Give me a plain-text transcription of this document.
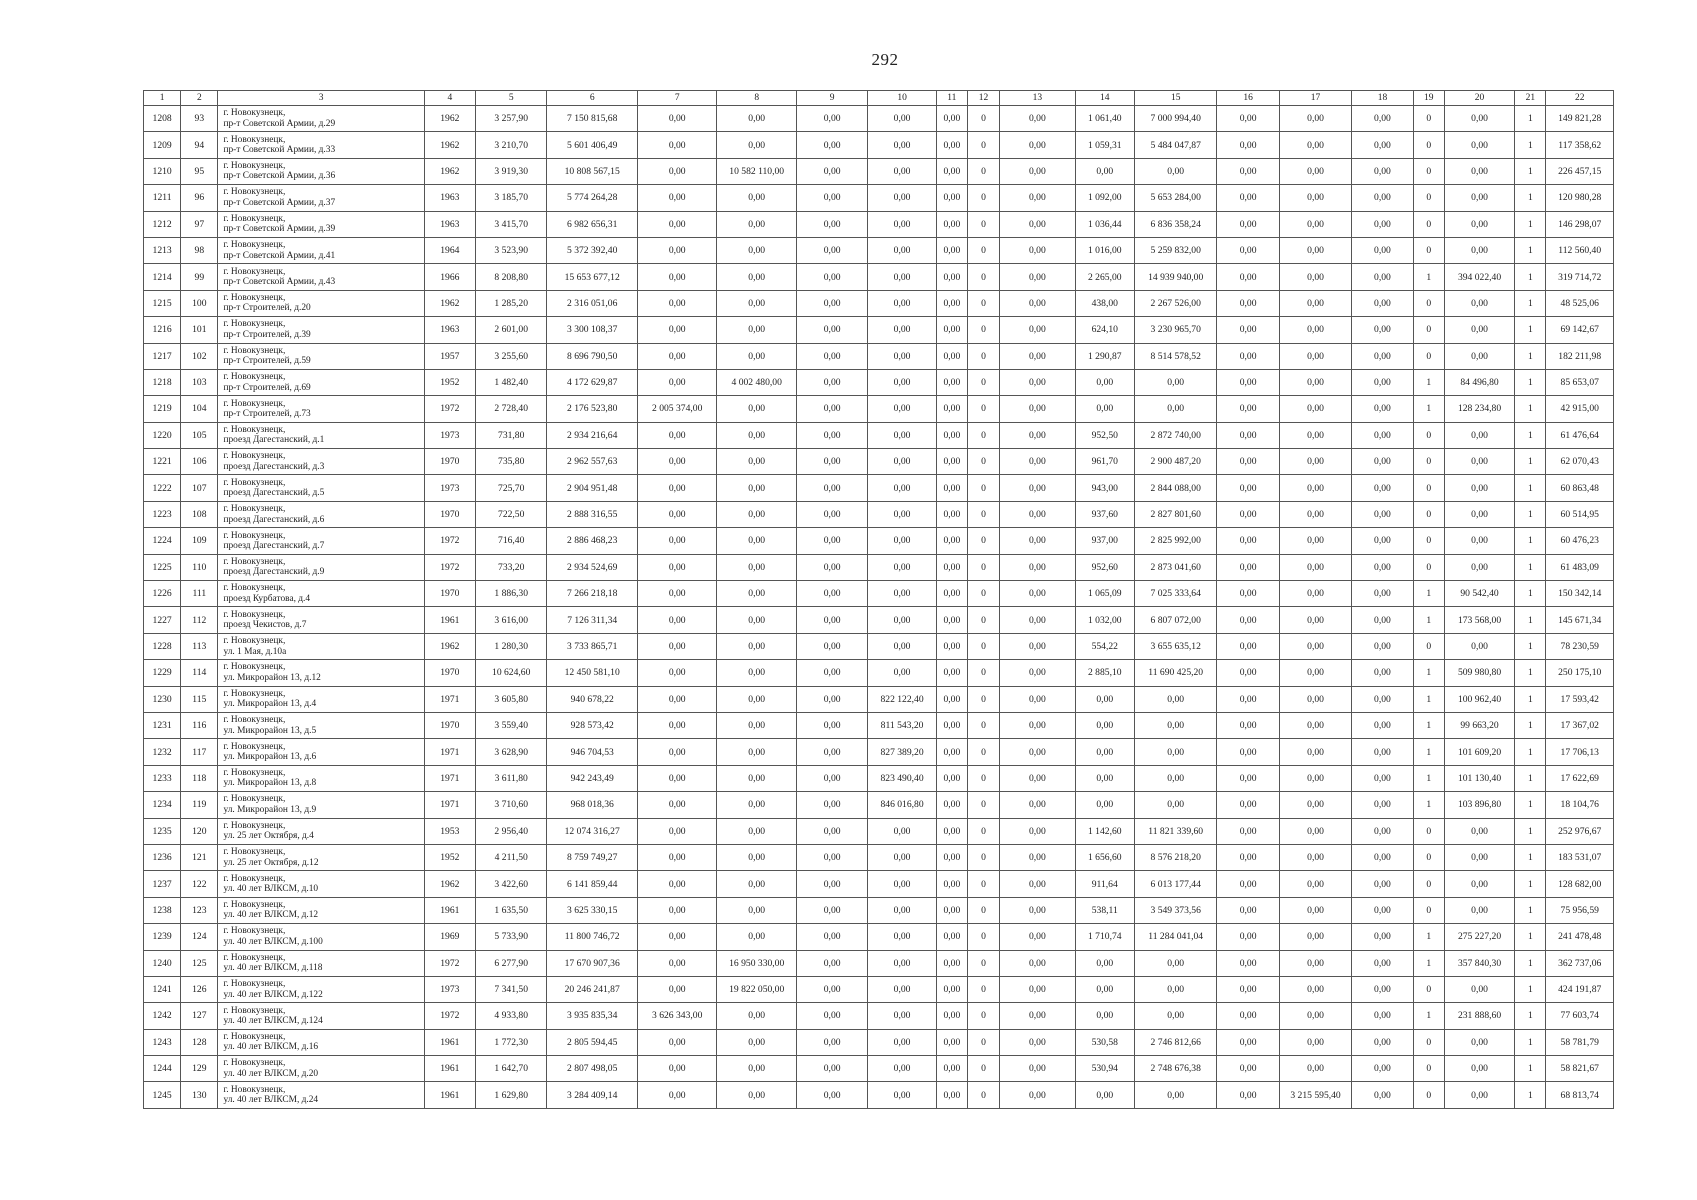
292
1	2	3	4	5	6	7	8	9	10	11	12	13	14	15	16	17	18	19	20	21	22
1208	93	г. Новокузнецк,
пр-т Советской Армии, д.29	1962	3 257,90	7 150 815,68	0,00	0,00	0,00	0,00	0,00	0	0,00	1 061,40	7 000 994,40	0,00	0,00	0,00	0	0,00	1	149 821,28
1209	94	г. Новокузнецк,
пр-т Советской Армии, д.33	1962	3 210,70	5 601 406,49	0,00	0,00	0,00	0,00	0,00	0	0,00	1 059,31	5 484 047,87	0,00	0,00	0,00	0	0,00	1	117 358,62
1210	95	г. Новокузнецк,
пр-т Советской Армии, д.36	1962	3 919,30	10 808 567,15	0,00	10 582 110,00	0,00	0,00	0,00	0	0,00	0,00	0,00	0,00	0,00	0,00	0	0,00	1	226 457,15
1211	96	г. Новокузнецк,
пр-т Советской Армии, д.37	1963	3 185,70	5 774 264,28	0,00	0,00	0,00	0,00	0,00	0	0,00	1 092,00	5 653 284,00	0,00	0,00	0,00	0	0,00	1	120 980,28
1212	97	г. Новокузнецк,
пр-т Советской Армии, д.39	1963	3 415,70	6 982 656,31	0,00	0,00	0,00	0,00	0,00	0	0,00	1 036,44	6 836 358,24	0,00	0,00	0,00	0	0,00	1	146 298,07
1213	98	г. Новокузнецк,
пр-т Советской Армии, д.41	1964	3 523,90	5 372 392,40	0,00	0,00	0,00	0,00	0,00	0	0,00	1 016,00	5 259 832,00	0,00	0,00	0,00	0	0,00	1	112 560,40
1214	99	г. Новокузнецк,
пр-т Советской Армии, д.43	1966	8 208,80	15 653 677,12	0,00	0,00	0,00	0,00	0,00	0	0,00	2 265,00	14 939 940,00	0,00	0,00	0,00	1	394 022,40	1	319 714,72
1215	100	г. Новокузнецк,
пр-т Строителей, д.20	1962	1 285,20	2 316 051,06	0,00	0,00	0,00	0,00	0,00	0	0,00	438,00	2 267 526,00	0,00	0,00	0,00	0	0,00	1	48 525,06
1216	101	г. Новокузнецк,
пр-т Строителей, д.39	1963	2 601,00	3 300 108,37	0,00	0,00	0,00	0,00	0,00	0	0,00	624,10	3 230 965,70	0,00	0,00	0,00	0	0,00	1	69 142,67
1217	102	г. Новокузнецк,
пр-т Строителей, д.59	1957	3 255,60	8 696 790,50	0,00	0,00	0,00	0,00	0,00	0	0,00	1 290,87	8 514 578,52	0,00	0,00	0,00	0	0,00	1	182 211,98
1218	103	г. Новокузнецк,
пр-т Строителей, д.69	1952	1 482,40	4 172 629,87	0,00	4 002 480,00	0,00	0,00	0,00	0	0,00	0,00	0,00	0,00	0,00	0,00	1	84 496,80	1	85 653,07
1219	104	г. Новокузнецк,
пр-т Строителей, д.73	1972	2 728,40	2 176 523,80	2 005 374,00	0,00	0,00	0,00	0,00	0	0,00	0,00	0,00	0,00	0,00	0,00	1	128 234,80	1	42 915,00
1220	105	г. Новокузнецк,
проезд Дагестанский, д.1	1973	731,80	2 934 216,64	0,00	0,00	0,00	0,00	0,00	0	0,00	952,50	2 872 740,00	0,00	0,00	0,00	0	0,00	1	61 476,64
1221	106	г. Новокузнецк,
проезд Дагестанский, д.3	1970	735,80	2 962 557,63	0,00	0,00	0,00	0,00	0,00	0	0,00	961,70	2 900 487,20	0,00	0,00	0,00	0	0,00	1	62 070,43
1222	107	г. Новокузнецк,
проезд Дагестанский, д.5	1973	725,70	2 904 951,48	0,00	0,00	0,00	0,00	0,00	0	0,00	943,00	2 844 088,00	0,00	0,00	0,00	0	0,00	1	60 863,48
1223	108	г. Новокузнецк,
проезд Дагестанский, д.6	1970	722,50	2 888 316,55	0,00	0,00	0,00	0,00	0,00	0	0,00	937,60	2 827 801,60	0,00	0,00	0,00	0	0,00	1	60 514,95
1224	109	г. Новокузнецк,
проезд Дагестанский, д.7	1972	716,40	2 886 468,23	0,00	0,00	0,00	0,00	0,00	0	0,00	937,00	2 825 992,00	0,00	0,00	0,00	0	0,00	1	60 476,23
1225	110	г. Новокузнецк,
проезд Дагестанский, д.9	1972	733,20	2 934 524,69	0,00	0,00	0,00	0,00	0,00	0	0,00	952,60	2 873 041,60	0,00	0,00	0,00	0	0,00	1	61 483,09
1226	111	г. Новокузнецк,
проезд Курбатова, д.4	1970	1 886,30	7 266 218,18	0,00	0,00	0,00	0,00	0,00	0	0,00	1 065,09	7 025 333,64	0,00	0,00	0,00	1	90 542,40	1	150 342,14
1227	112	г. Новокузнецк,
проезд Чекистов, д.7	1961	3 616,00	7 126 311,34	0,00	0,00	0,00	0,00	0,00	0	0,00	1 032,00	6 807 072,00	0,00	0,00	0,00	1	173 568,00	1	145 671,34
1228	113	г. Новокузнецк,
ул. 1 Мая, д.10а	1962	1 280,30	3 733 865,71	0,00	0,00	0,00	0,00	0,00	0	0,00	554,22	3 655 635,12	0,00	0,00	0,00	0	0,00	1	78 230,59
1229	114	г. Новокузнецк,
ул. Микрорайон 13, д.12	1970	10 624,60	12 450 581,10	0,00	0,00	0,00	0,00	0,00	0	0,00	2 885,10	11 690 425,20	0,00	0,00	0,00	1	509 980,80	1	250 175,10
1230	115	г. Новокузнецк,
ул. Микрорайон 13, д.4	1971	3 605,80	940 678,22	0,00	0,00	0,00	822 122,40	0,00	0	0,00	0,00	0,00	0,00	0,00	0,00	1	100 962,40	1	17 593,42
1231	116	г. Новокузнецк,
ул. Микрорайон 13, д.5	1970	3 559,40	928 573,42	0,00	0,00	0,00	811 543,20	0,00	0	0,00	0,00	0,00	0,00	0,00	0,00	1	99 663,20	1	17 367,02
1232	117	г. Новокузнецк,
ул. Микрорайон 13, д.6	1971	3 628,90	946 704,53	0,00	0,00	0,00	827 389,20	0,00	0	0,00	0,00	0,00	0,00	0,00	0,00	1	101 609,20	1	17 706,13
1233	118	г. Новокузнецк,
ул. Микрорайон 13, д.8	1971	3 611,80	942 243,49	0,00	0,00	0,00	823 490,40	0,00	0	0,00	0,00	0,00	0,00	0,00	0,00	1	101 130,40	1	17 622,69
1234	119	г. Новокузнецк,
ул. Микрорайон 13, д.9	1971	3 710,60	968 018,36	0,00	0,00	0,00	846 016,80	0,00	0	0,00	0,00	0,00	0,00	0,00	0,00	1	103 896,80	1	18 104,76
1235	120	г. Новокузнецк,
ул. 25 лет Октября, д.4	1953	2 956,40	12 074 316,27	0,00	0,00	0,00	0,00	0,00	0	0,00	1 142,60	11 821 339,60	0,00	0,00	0,00	0	0,00	1	252 976,67
1236	121	г. Новокузнецк,
ул. 25 лет Октября, д.12	1952	4 211,50	8 759 749,27	0,00	0,00	0,00	0,00	0,00	0	0,00	1 656,60	8 576 218,20	0,00	0,00	0,00	0	0,00	1	183 531,07
1237	122	г. Новокузнецк,
ул. 40 лет ВЛКСМ, д.10	1962	3 422,60	6 141 859,44	0,00	0,00	0,00	0,00	0,00	0	0,00	911,64	6 013 177,44	0,00	0,00	0,00	0	0,00	1	128 682,00
1238	123	г. Новокузнецк,
ул. 40 лет ВЛКСМ, д.12	1961	1 635,50	3 625 330,15	0,00	0,00	0,00	0,00	0,00	0	0,00	538,11	3 549 373,56	0,00	0,00	0,00	0	0,00	1	75 956,59
1239	124	г. Новокузнецк,
ул. 40 лет ВЛКСМ, д.100	1969	5 733,90	11 800 746,72	0,00	0,00	0,00	0,00	0,00	0	0,00	1 710,74	11 284 041,04	0,00	0,00	0,00	1	275 227,20	1	241 478,48
1240	125	г. Новокузнецк,
ул. 40 лет ВЛКСМ, д.118	1972	6 277,90	17 670 907,36	0,00	16 950 330,00	0,00	0,00	0,00	0	0,00	0,00	0,00	0,00	0,00	0,00	1	357 840,30	1	362 737,06
1241	126	г. Новокузнецк,
ул. 40 лет ВЛКСМ, д.122	1973	7 341,50	20 246 241,87	0,00	19 822 050,00	0,00	0,00	0,00	0	0,00	0,00	0,00	0,00	0,00	0,00	0	0,00	1	424 191,87
1242	127	г. Новокузнецк,
ул. 40 лет ВЛКСМ, д.124	1972	4 933,80	3 935 835,34	3 626 343,00	0,00	0,00	0,00	0,00	0	0,00	0,00	0,00	0,00	0,00	0,00	1	231 888,60	1	77 603,74
1243	128	г. Новокузнецк,
ул. 40 лет ВЛКСМ, д.16	1961	1 772,30	2 805 594,45	0,00	0,00	0,00	0,00	0,00	0	0,00	530,58	2 746 812,66	0,00	0,00	0,00	0	0,00	1	58 781,79
1244	129	г. Новокузнецк,
ул. 40 лет ВЛКСМ, д.20	1961	1 642,70	2 807 498,05	0,00	0,00	0,00	0,00	0,00	0	0,00	530,94	2 748 676,38	0,00	0,00	0,00	0	0,00	1	58 821,67
1245	130	г. Новокузнецк,
ул. 40 лет ВЛКСМ, д.24	1961	1 629,80	3 284 409,14	0,00	0,00	0,00	0,00	0,00	0	0,00	0,00	0,00	0,00	3 215 595,40	0,00	0	0,00	1	68 813,74
